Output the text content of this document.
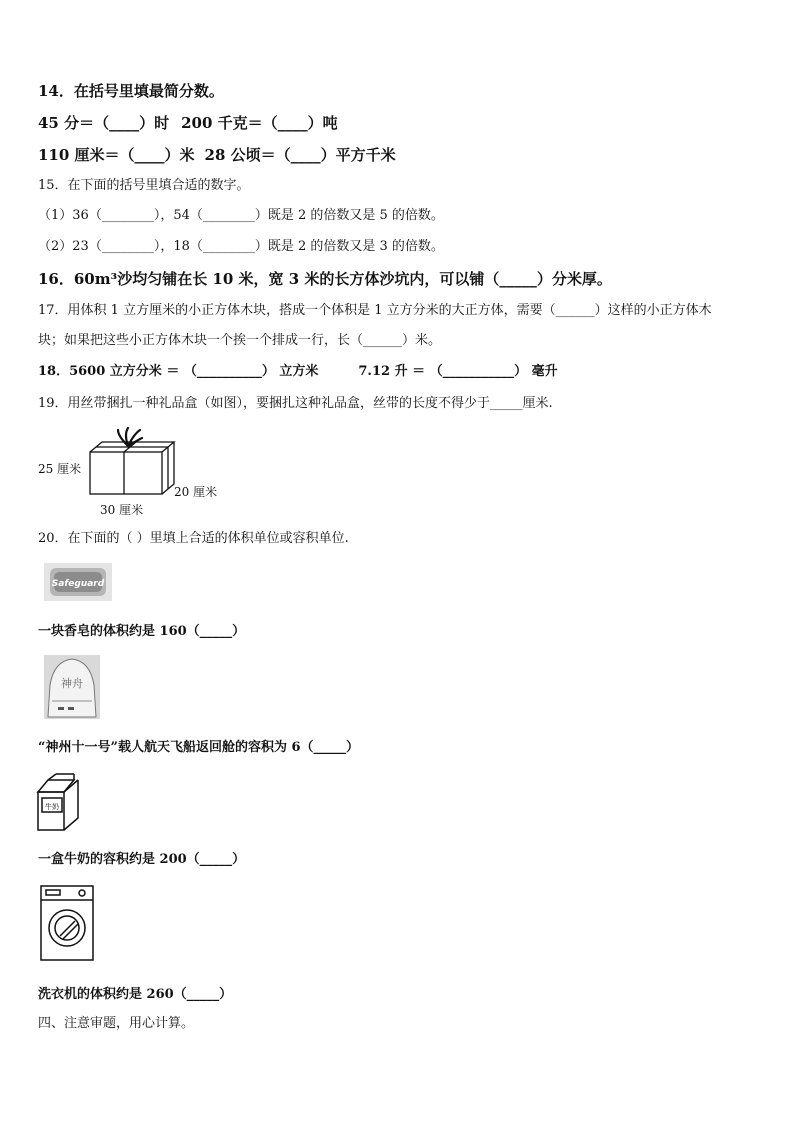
14．在括号里填最简分数。
45 分＝（____）时 200 千克＝（____）吨
110 厘米＝（____）米 28 公顷＝（____）平方千米
15．在下面的括号里填合适的数字。
（1）36（________），54（________）既是 2 的倍数又是 5 的倍数。
（2）23（________），18（________）既是 2 的倍数又是 3 的倍数。
16．60m³沙均匀铺在长 10 米，宽 3 米的长方体沙坑内，可以铺（_____）分米厚。
17．用体积 1 立方厘米的小正方体木块，搭成一个体积是 1 立方分米的大正方体，需要（______）这样的小正方体木
块；如果把这些小正方体木块一个挨一个排成一行，长（______）米。
18．5600 立方分米 ＝ （__________） 立方米	7.12 升 ＝ （___________） 毫升
19．用丝带捆扎一种礼品盒（如图），要捆扎这种礼品盒，丝带的长度不得少于_____厘米.
25 厘米
20 厘米
30 厘米
20．在下面的（ ）里填上合适的体积单位或容积单位.
Safeguard
一块香皂的体积约是 160（_____）
神舟
“神州十一号”载人航天飞船返回舱的容积为 6（_____）
牛奶
一盒牛奶的容积约是 200（_____）
洗衣机的体积约是 260（_____）
四、注意审题，用心计算。
